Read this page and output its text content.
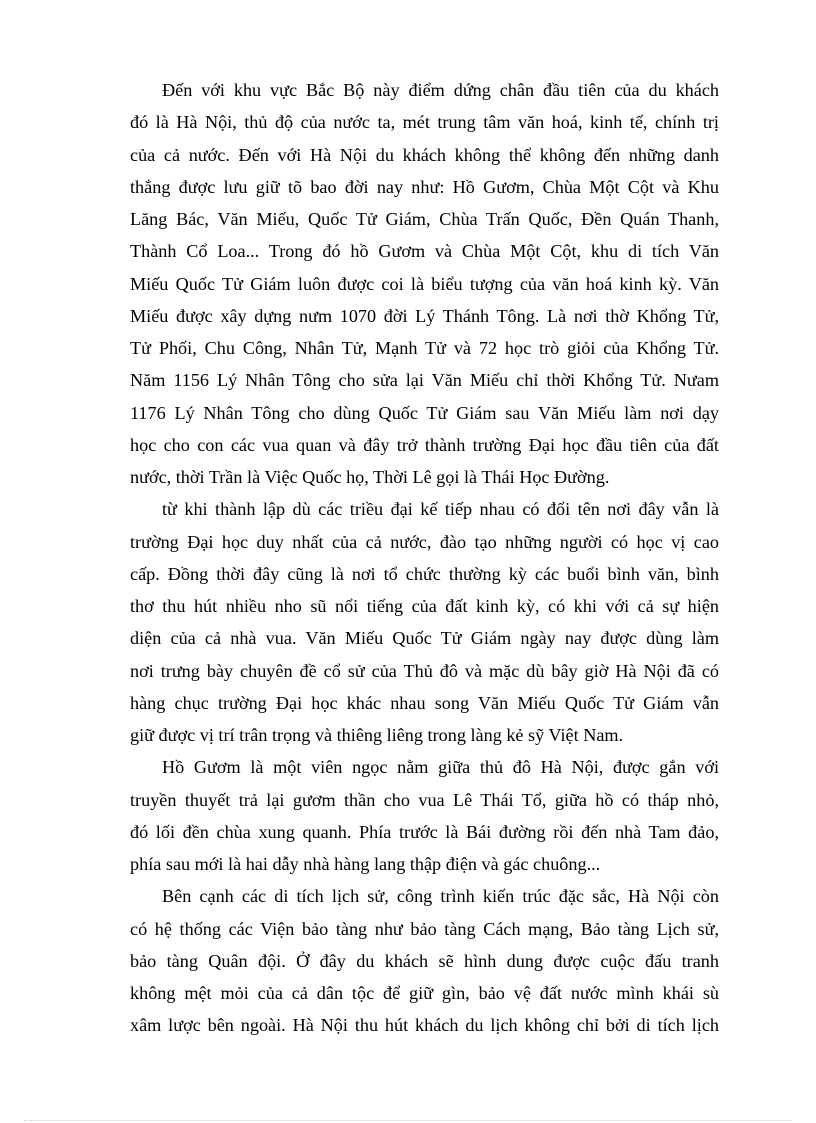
Đến với khu vực Bắc Bộ này điểm dứng chân đầu tiên của du khách
đó là Hà Nội, thủ độ của nước ta, mét trung tâm văn hoá, kinh tế, chính trị
của cả nước. Đến với Hà Nội du khách không thể không đến những danh
thắng được lưu giữ tõ bao đời nay như: Hồ Gươm, Chùa Một Cột và Khu
Lăng Bác, Văn Miếu, Quốc Tử Giám, Chùa Trấn Quốc, Đền Quán Thanh,
Thành Cổ Loa... Trong đó hồ Gươm và Chùa Một Cột, khu di tích Văn
Miếu Quốc Tử Giám luôn được coi là biểu tượng của văn hoá kinh kỳ. Văn
Miếu được xây dựng nưm 1070 đời Lý Thánh Tông. Là nơi thờ Khổng Tử,
Tử Phối, Chu Công, Nhân Tử, Mạnh Tử và 72 học trò giỏi của Khổng Tử.
Năm 1156 Lý Nhân Tông cho sửa lại Văn Miếu chỉ thời Khổng Tử. Nưam
1176 Lý Nhân Tông cho dùng Quốc Tử Giám sau Văn Miếu làm nơi dạy
học cho con các vua quan và đây trở thành trường Đại học đầu tiên của đất
nước, thời Trần là Việc Quốc họ, Thời Lê gọi là Thái Học Đường.
từ khi thành lập dù các triều đại kế tiếp nhau có đổi tên nơi đây vẫn là
trường Đại học duy nhất của cả nước, đào tạo những người có học vị cao
cấp. Đồng thời đây cũng là nơi tổ chức thường kỳ các buổi bình văn, bình
thơ thu hút nhiều nho sũ nổi tiếng của đất kinh kỳ, có khi với cả sự hiện
diện của cả nhà vua. Văn Miếu Quốc Tử Giám ngày nay được dùng làm
nơi trưng bày chuyên đề cổ sử của Thủ đô và mặc dù bây giờ Hà Nội đã có
hàng chục trường Đại học khác nhau song Văn Miếu Quốc Tử Giám vẫn
giữ được vị trí trân trọng và thiêng liêng trong làng kẻ sỹ Việt Nam.
Hồ Gươm là một viên ngọc nằm giữa thủ đô Hà Nội, được gắn với
truyền thuyết trả lại gươm thần cho vua Lê Thái Tổ, giữa hồ có tháp nhỏ,
đó lối đền chùa xung quanh. Phía trước là Bái đường rồi đến nhà Tam đảo,
phía sau mới là hai dẫy nhà hàng lang thập điện và gác chuông...
Bên cạnh các di tích lịch sử, công trình kiến trúc đặc sắc, Hà Nội còn
có hệ thống các Viện bảo tàng như bảo tàng Cách mạng, Bảo tàng Lịch sử,
bảo tàng Quân đội. Ở đây du khách sẽ hình dung được cuộc đấu tranh
không mệt mỏi của cả dân tộc để giữ gìn, bảo vệ đất nước mình khái sù
xâm lược bên ngoài. Hà Nội thu hút khách du lịch không chỉ bởi di tích lịch
